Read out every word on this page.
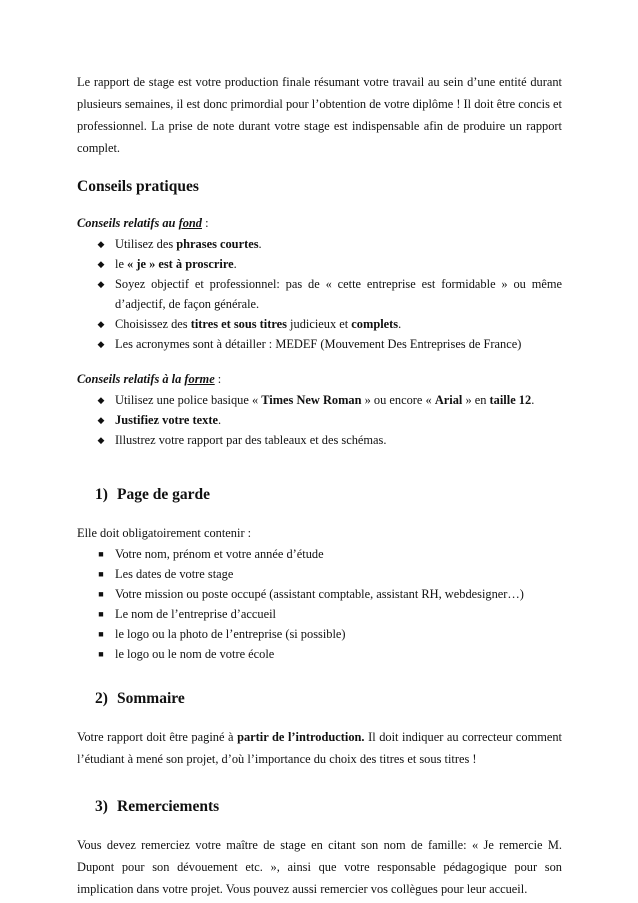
Le rapport de stage est votre production finale résumant votre travail au sein d’une entité durant plusieurs semaines, il est donc primordial pour l’obtention de votre diplôme ! Il doit être concis et professionnel. La prise de note durant votre stage est indispensable afin de produire un rapport complet.

Conseils pratiques
Conseils relatifs au fond :
◆ Utilisez des phrases courtes.
◆ le « je » est à proscrire.
◆ Soyez objectif et professionnel: pas de « cette entreprise est formidable » ou même d’adjectif, de façon générale.
◆ Choisissez des titres et sous titres judicieux et complets.
◆ Les acronymes sont à détailler : MEDEF (Mouvement Des Entreprises de France)
Conseils relatifs à la forme :
◆ Utilisez une police basique « Times New Roman » ou encore « Arial » en taille 12.
◆ Justifiez votre texte.
◆ Illustrez votre rapport par des tableaux et des schémas.
1) Page de garde

Elle doit obligatoirement contenir :

■ Votre nom, prénom et votre année d’étude
■ Les dates de votre stage
■ Votre mission ou poste occupé (assistant comptable, assistant RH, webdesigner…)
■ Le nom de l’entreprise d’accueil
■ le logo ou la photo de l’entreprise (si possible)
■ le logo ou le nom de votre école
2) Sommaire

Votre rapport doit être paginé à partir de l’introduction. Il doit indiquer au correcteur comment l’étudiant à mené son projet, d’où l’importance du choix des titres et sous titres !

3) Remerciements

Vous devez remerciez votre maître de stage en citant son nom de famille: « Je remercie M. Dupont pour son dévouement etc. », ainsi que votre responsable pédagogique pour son implication dans votre projet. Vous pouvez aussi remercier vos collègues pour leur accueil.
